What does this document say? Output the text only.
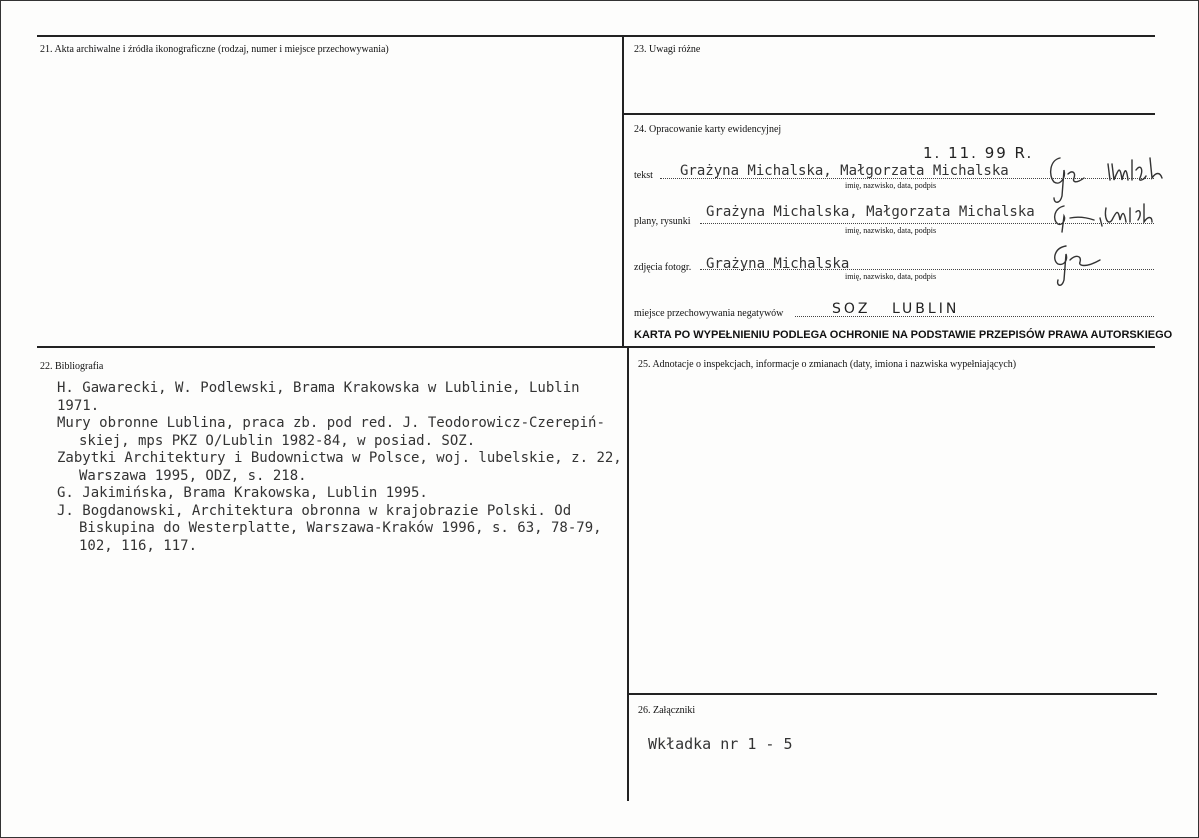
21. Akta archiwalne i źródła ikonograficzne (rodzaj, numer i miejsce przechowywania)	23. Uwagi różne
24. Opracowanie karty ewidencyjnej
1. 11. 99 R.
tekst Grażyna Michalska, Małgorzata Michalska
imię, nazwisko, data, podpis
plany, rysunki
Grażyna Michalska, Małgorzata Michalska
imię, nazwisko, data, podpis
zdjęcia fotogr. Grażyna Michalska
imię, nazwisko, data, podpis
miejsce przechowywania negatywów	SOZ LUBLIN
KARTA PO WYPEŁNIENIU PODLEGA OCHRONIE NA PODSTAWIE PRZEPISÓW PRAWA AUTORSKIEGO
22. Bibliografia
H. Gawarecki, W. Podlewski, Brama Krakowska w Lublinie, Lublin 1971.
Mury obronne Lublina, praca zb. pod red. J. Teodorowicz-Czerepiń-skiej, mps PKZ O/Lublin 1982-84, w posiad. SOZ.
Zabytki Architektury i Budownictwa w Polsce, woj. lubelskie, z. 22, Warszawa 1995, ODZ, s. 218.
G. Jakimińska, Brama Krakowska, Lublin 1995.
J. Bogdanowski, Architektura obronna w krajobrazie Polski. Od Biskupina do Westerplatte, Warszawa-Kraków 1996, s. 63, 78-79, 102, 116, 117.
25. Adnotacje o inspekcjach, informacje o zmianach (daty, imiona i nazwiska wypełniających)
26. Załączniki
Wkładka nr 1 - 5
